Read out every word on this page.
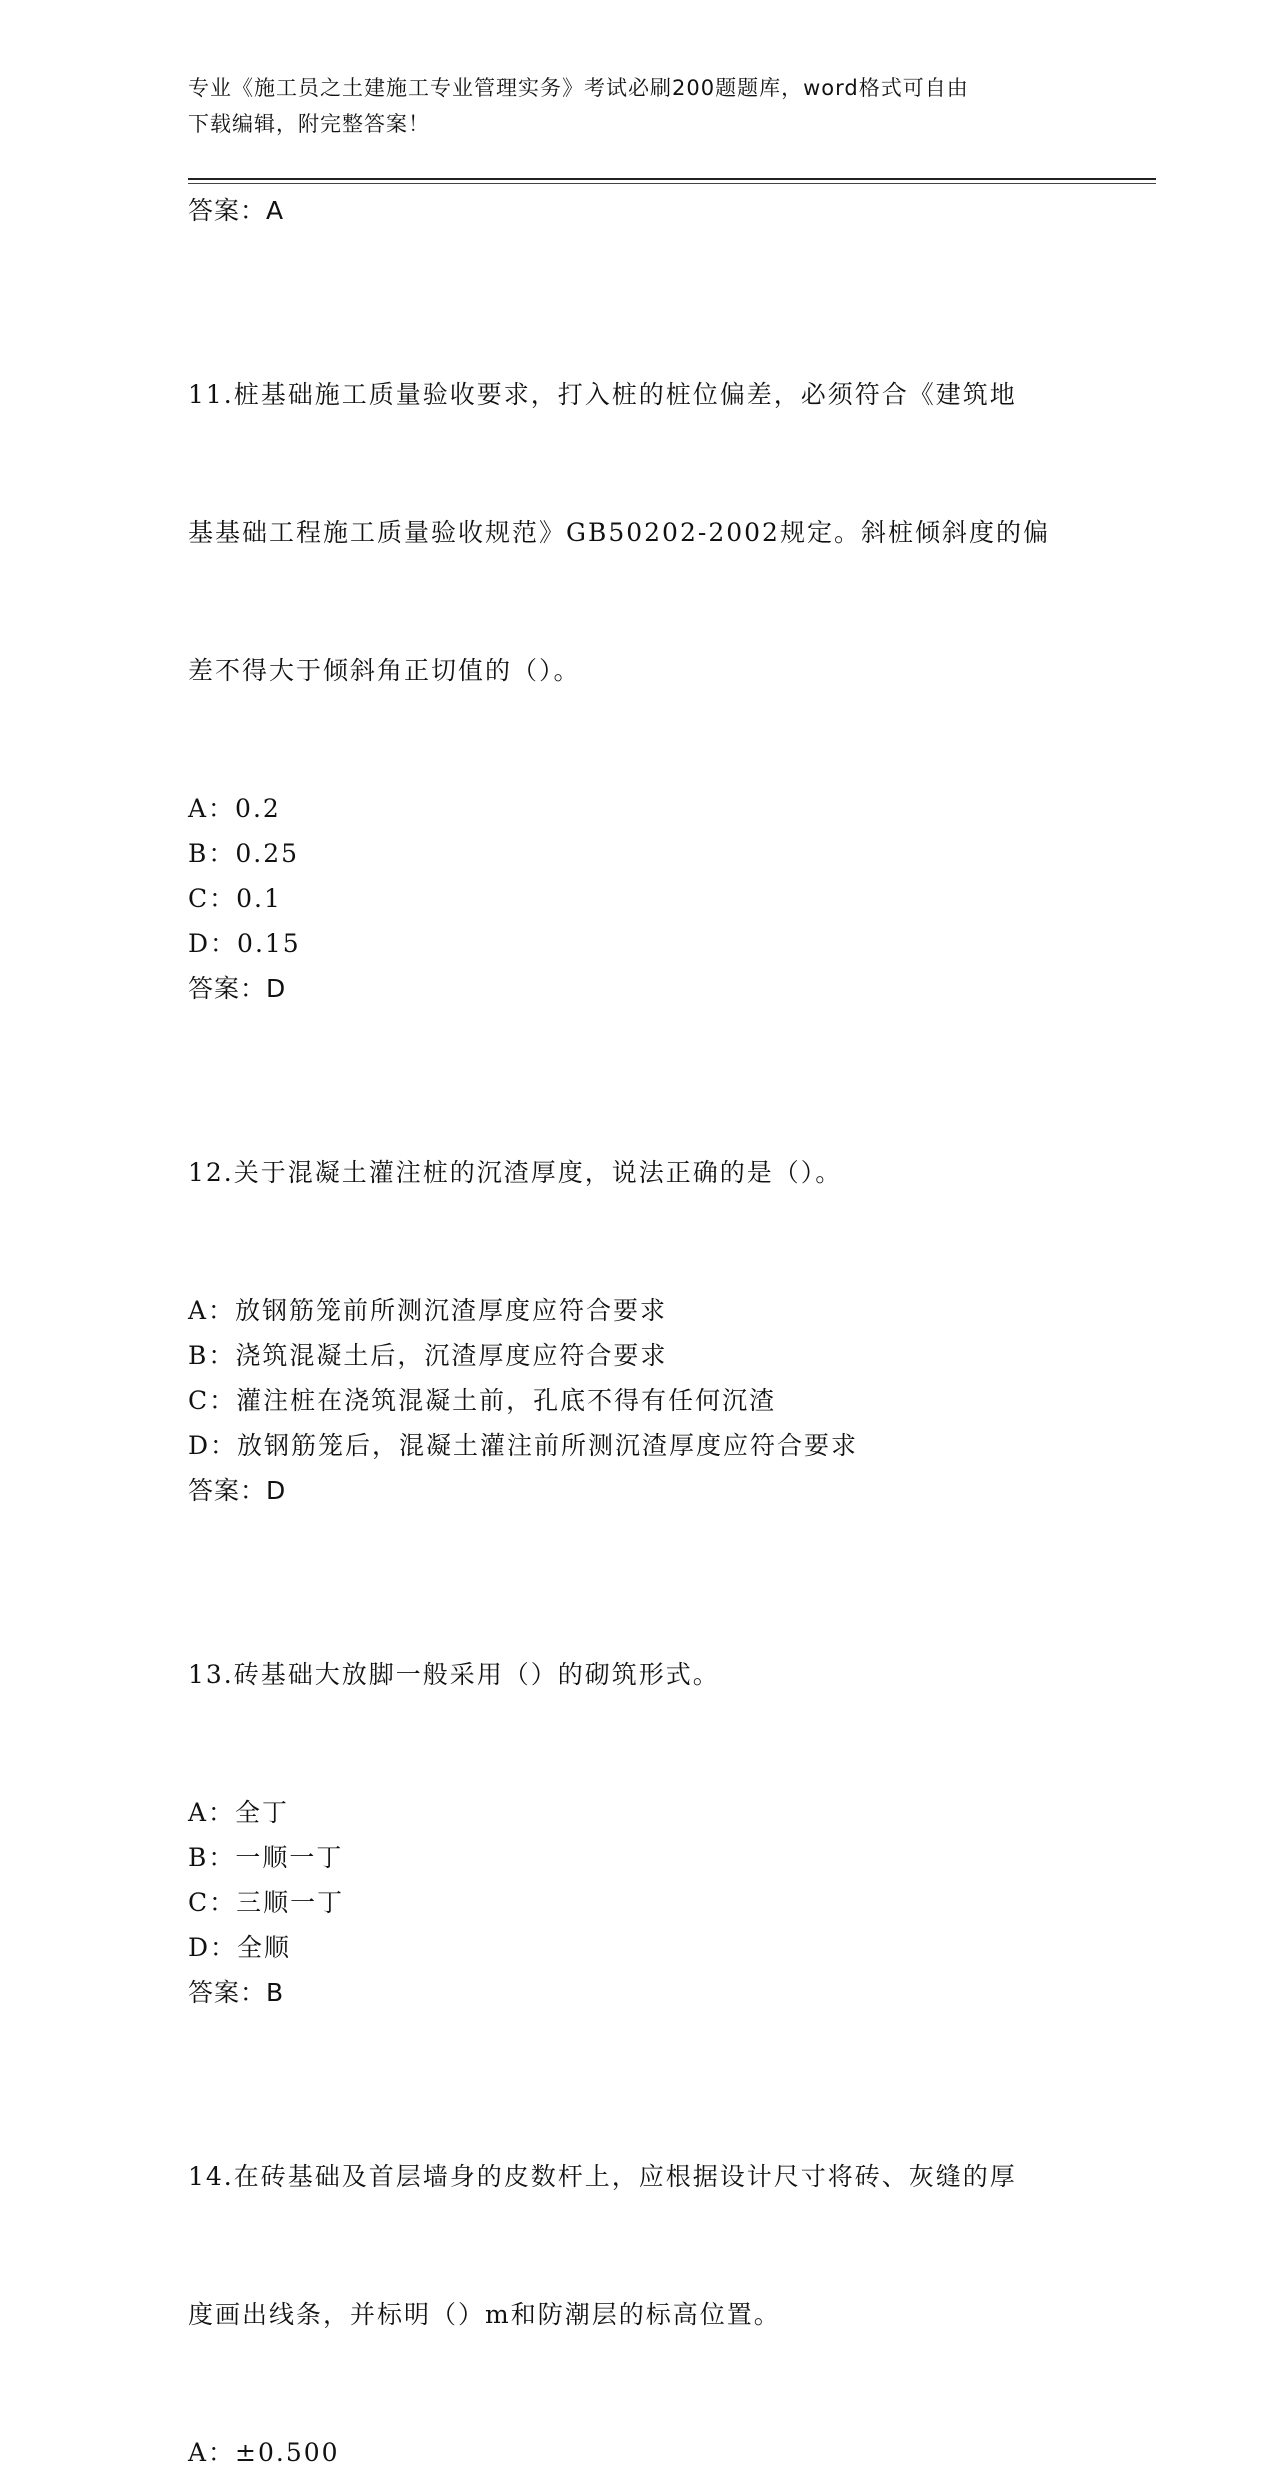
专业《施工员之土建施工专业管理实务》考试必刷200题题库，word格式可自由
下载编辑，附完整答案！
答案：A

11.桩基础施工质量验收要求，打入桩的桩位偏差，必须符合《建筑地

基基础工程施工质量验收规范》GB50202-2002规定。斜桩倾斜度的偏

差不得大于倾斜角正切值的（）。

A：0.2
B：0.25
C：0.1
D：0.15
答案：D

12.关于混凝土灌注桩的沉渣厚度，说法正确的是（）。

A：放钢筋笼前所测沉渣厚度应符合要求
B：浇筑混凝土后，沉渣厚度应符合要求
C：灌注桩在浇筑混凝土前，孔底不得有任何沉渣
D：放钢筋笼后，混凝土灌注前所测沉渣厚度应符合要求
答案：D

13.砖基础大放脚一般采用（）的砌筑形式。

A：全丁
B：一顺一丁
C：三顺一丁
D：全顺
答案：B

14.在砖基础及首层墙身的皮数杆上，应根据设计尺寸将砖、灰缝的厚

度画出线条，并标明（）m和防潮层的标高位置。

A：±0.500
